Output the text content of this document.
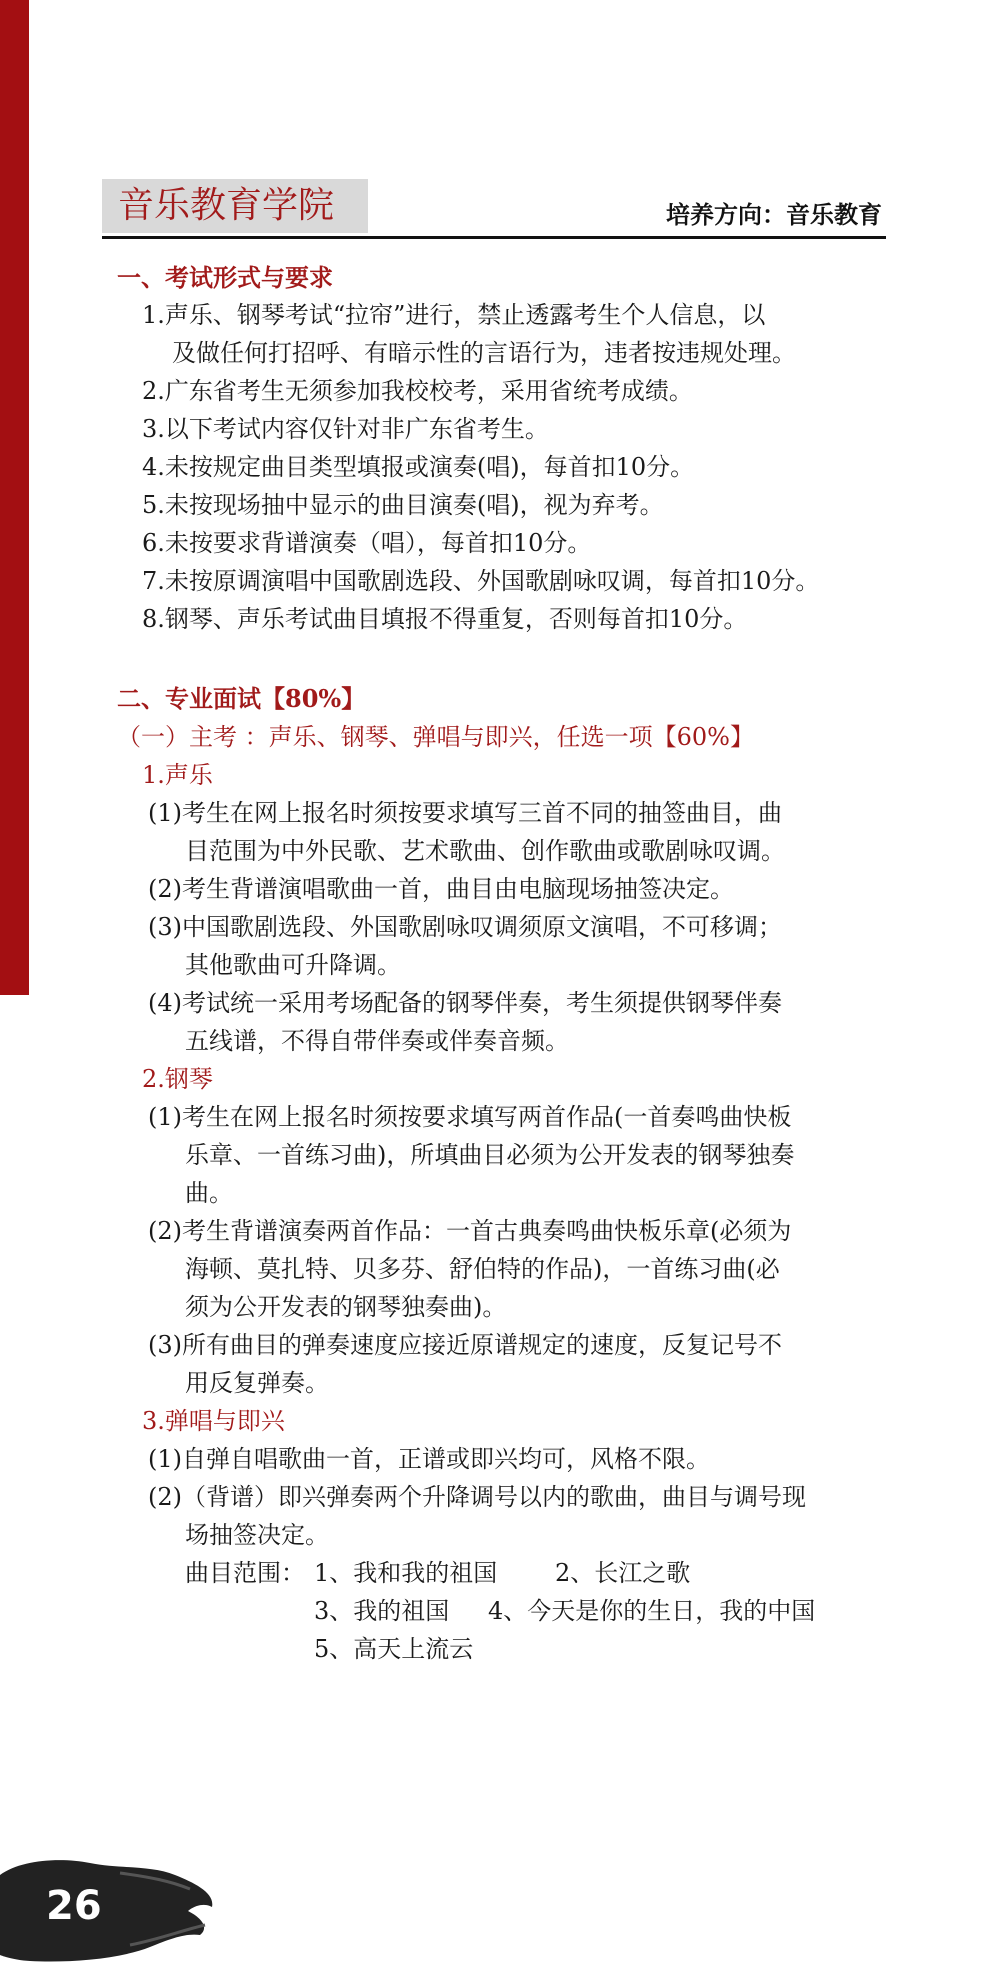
音乐教育学院	培养方向：音乐教育
一、考试形式与要求
1.声乐、钢琴考试“拉帘”进行，禁止透露考生个人信息，以
及做任何打招呼、有暗示性的言语行为，违者按违规处理。
2.广东省考生无须参加我校校考，采用省统考成绩。
3.以下考试内容仅针对非广东省考生。
4.未按规定曲目类型填报或演奏(唱)，每首扣10分。
5.未按现场抽中显示的曲目演奏(唱)，视为弃考。
6.未按要求背谱演奏（唱），每首扣10分。
7.未按原调演唱中国歌剧选段、外国歌剧咏叹调，每首扣10分。
8.钢琴、声乐考试曲目填报不得重复，否则每首扣10分。
二、专业面试【80%】
（一）主考 ：声乐、钢琴、弹唱与即兴，任选一项【60%】
1.声乐
(1)考生在网上报名时须按要求填写三首不同的抽签曲目，曲
目范围为中外民歌、艺术歌曲、创作歌曲或歌剧咏叹调。
(2)考生背谱演唱歌曲一首，曲目由电脑现场抽签决定。
(3)中国歌剧选段、外国歌剧咏叹调须原文演唱，不可移调；
其他歌曲可升降调。
(4)考试统一采用考场配备的钢琴伴奏，考生须提供钢琴伴奏
五线谱，不得自带伴奏或伴奏音频。
2.钢琴
(1)考生在网上报名时须按要求填写两首作品(一首奏鸣曲快板
乐章、一首练习曲)，所填曲目必须为公开发表的钢琴独奏
曲。
(2)考生背谱演奏两首作品：一首古典奏鸣曲快板乐章(必须为
海顿、莫扎特、贝多芬、舒伯特的作品)，一首练习曲(必
须为公开发表的钢琴独奏曲)。
(3)所有曲目的弹奏速度应接近原谱规定的速度，反复记号不
用反复弹奏。
3.弹唱与即兴
(1)自弹自唱歌曲一首，正谱或即兴均可，风格不限。
(2)（背谱）即兴弹奏两个升降调号以内的歌曲，曲目与调号现
场抽签决定。
曲目范围： 1、我和我的祖国 2、长江之歌
3、我的祖国 4、今天是你的生日，我的中国
5、高天上流云
26
